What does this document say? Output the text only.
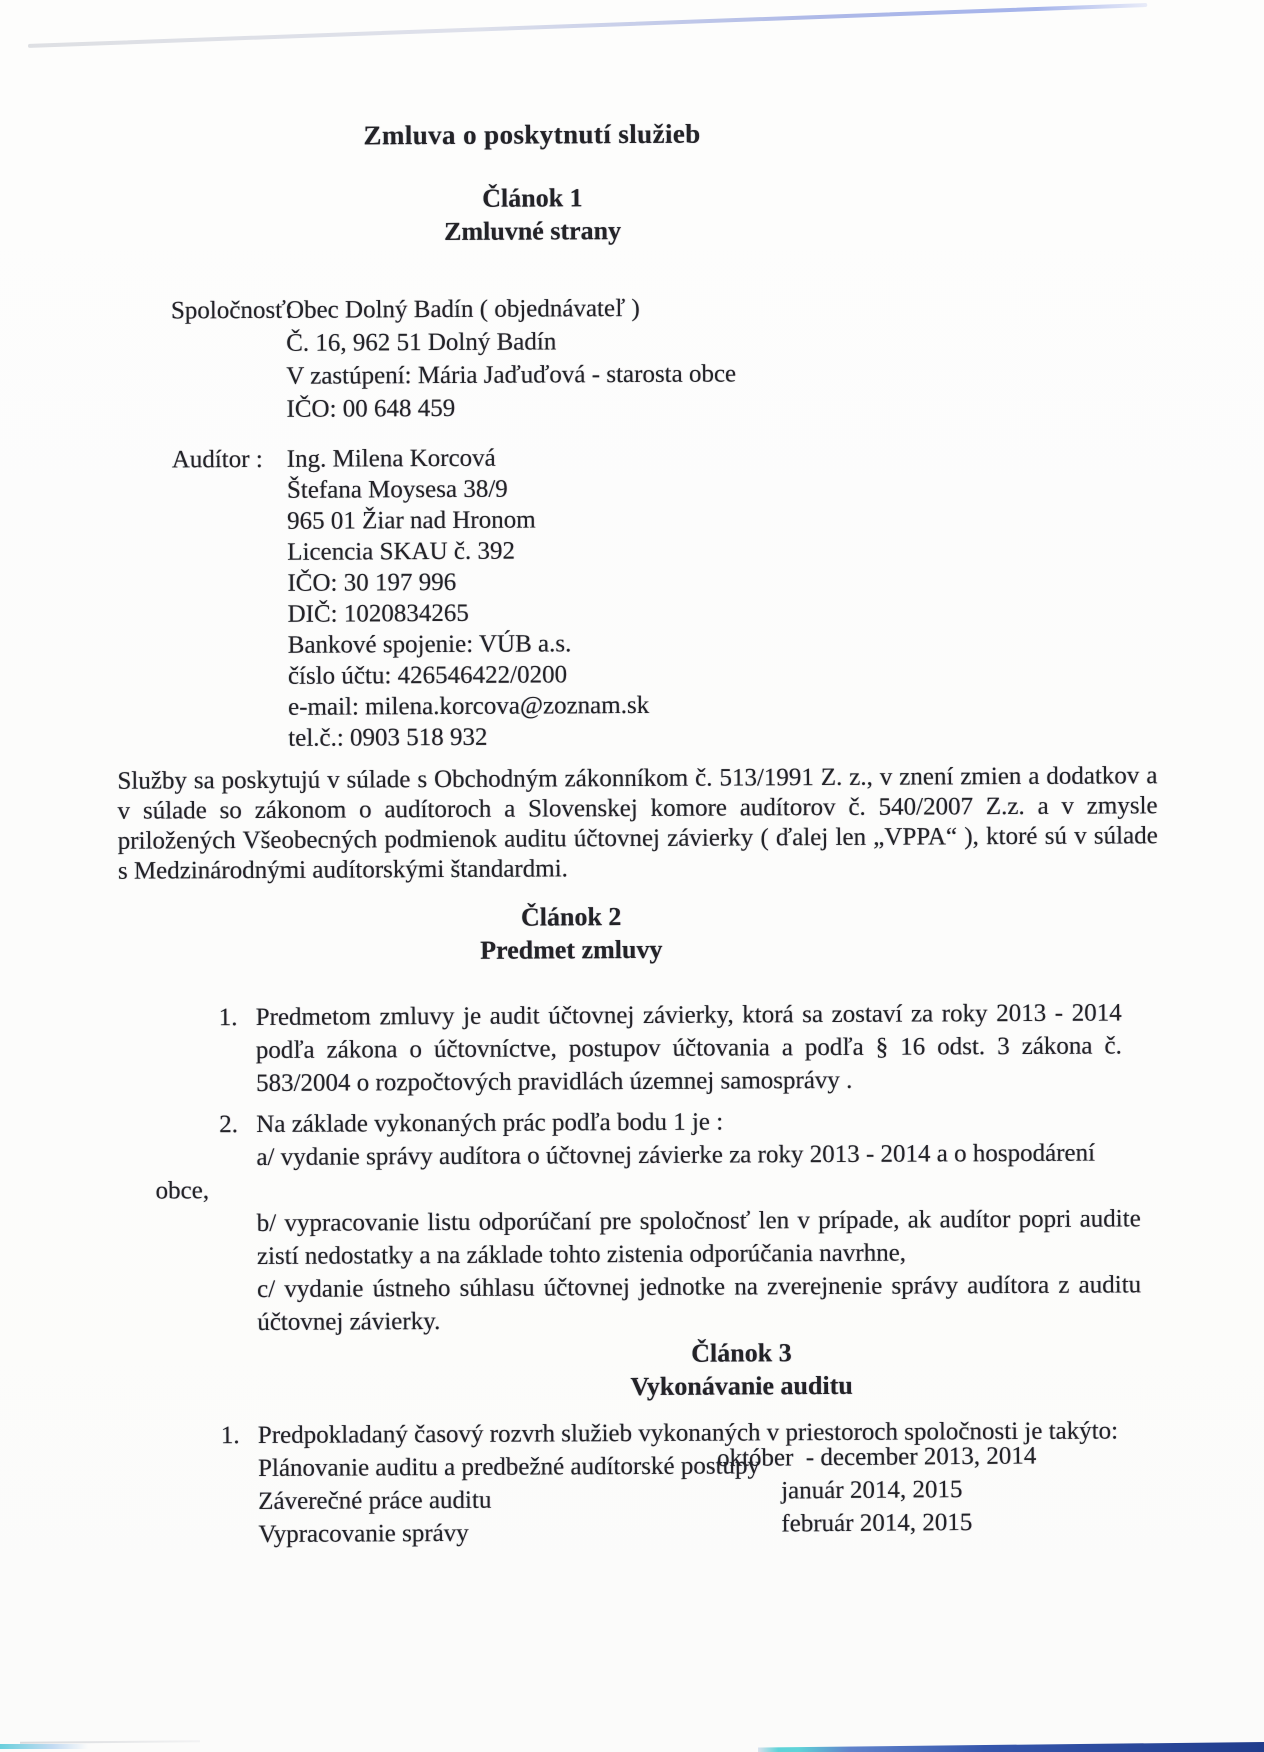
Zmluva o poskytnutí služieb
Článok 1
Zmluvné strany
Spoločnosť:
Obec Dolný Badín ( objednávateľ )
Č. 16, 962 51 Dolný Badín
V zastúpení: Mária Jaďuďová - starosta obce
IČO: 00 648 459
Audítor : Ing. Milena Korcová
Štefana Moysesa 38/9
965 01 Žiar nad Hronom
Licencia SKAU č. 392
IČO: 30 197 996
DIČ: 1020834265
Bankové spojenie: VÚB a.s.
číslo účtu: 426546422/0200
e-mail: milena.korcova@zoznam.sk
tel.č.: 0903 518 932

Služby sa poskytujú v súlade s Obchodným zákonníkom č. 513/1991 Z. z., v znení zmien a dodatkov a v súlade so zákonom o audítoroch a Slovenskej komore audítorov č. 540/2007 Z.z. a v zmysle priložených Všeobecných podmienok auditu účtovnej závierky ( ďalej len „VPPA“ ), ktoré sú v súlade s Medzinárodnými audítorskými štandardmi.

Článok 2
Predmet zmluvy
1. Predmetom zmluvy je audit účtovnej závierky, ktorá sa zostaví za roky 2013 - 2014 podľa zákona o účtovníctve, postupov účtovania a podľa § 16 odst. 3 zákona č. 583/2004 o rozpočtových pravidlách územnej samosprávy .
2. Na základe vykonaných prác podľa bodu 1 je :
a/ vydanie správy audítora o účtovnej závierke za roky 2013 - 2014 a o hospodárení
obce,
b/ vypracovanie listu odporúčaní pre spoločnosť len v prípade, ak audítor popri audite zistí nedostatky a na základe tohto zistenia odporúčania navrhne,
c/ vydanie ústneho súhlasu účtovnej jednotke na zverejnenie správy audítora z auditu účtovnej závierky.
Článok 3
Vykonávanie auditu
1. Predpokladaný časový rozvrh služieb vykonaných v priestoroch spoločnosti je takýto:
Plánovanie auditu a predbežné audítorské postupy
október  - december 2013, 2014
Záverečné práce auditu	január 2014, 2015
Vypracovanie správy	február 2014, 2015
